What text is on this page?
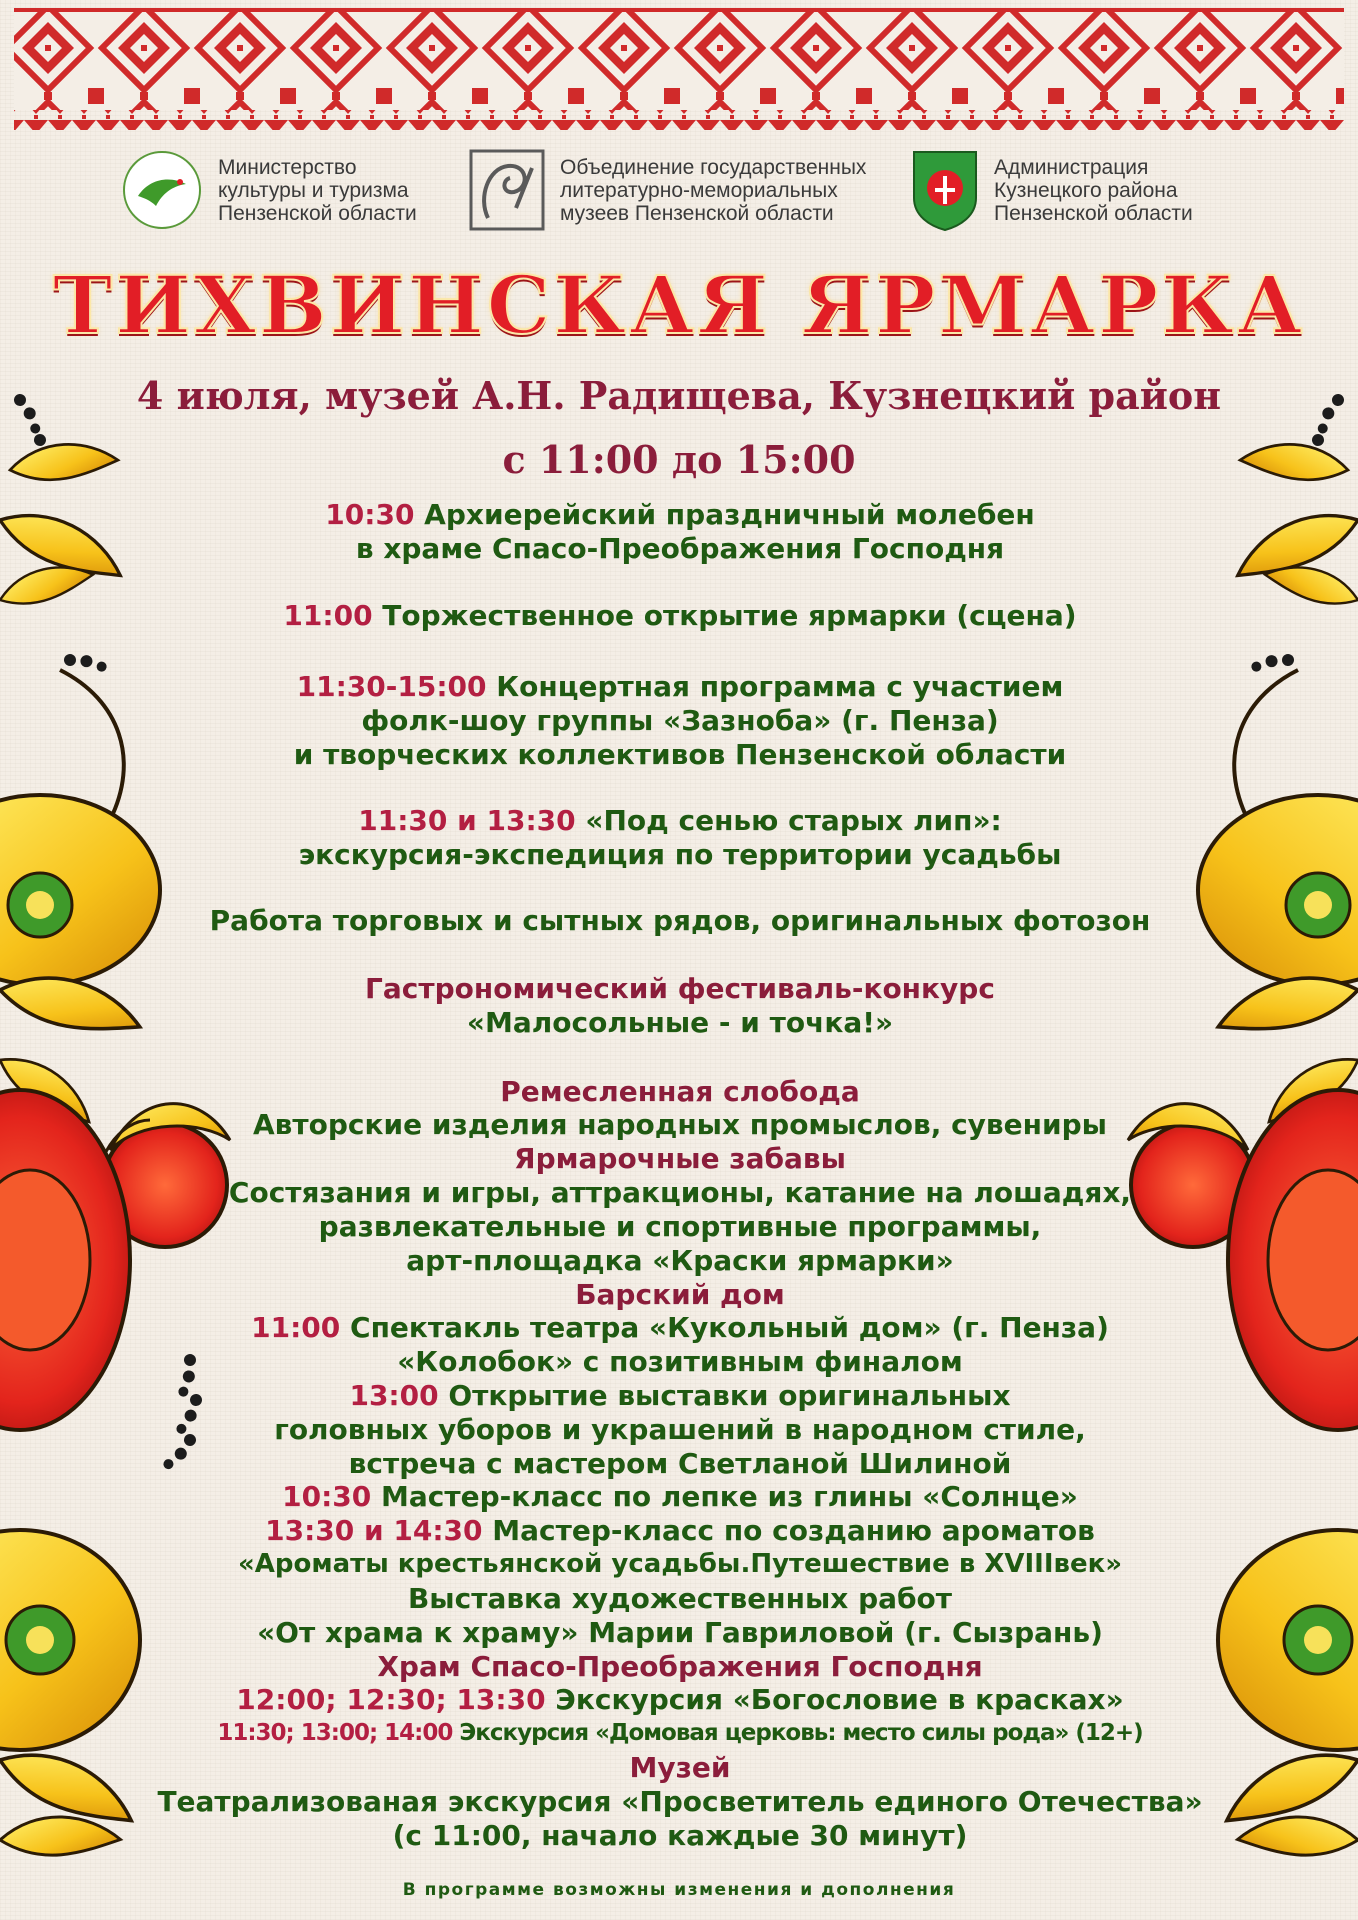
Министерство
культуры и туризма
Пензенской области
Объединение государственных
литературно-мемориальных
музеев Пензенской области
Администрация
Кузнецкого района
Пензенской области
ТИХВИНСКАЯ ЯРМАРКА
4 июля, музей А.Н. Радищева, Кузнецкий район
с 11:00 до 15:00
10:30 Архиерейский праздничный молебен
в храме Спасо-Преображения Господня
11:00 Торжественное открытие ярмарки (сцена)
11:30-15:00 Концертная программа с участием
фолк-шоу группы «Зазноба» (г. Пенза)
и творческих коллективов Пензенской области
11:30 и 13:30 «Под сенью старых лип»:
экскурсия-экспедиция по территории усадьбы
Работа торговых и сытных рядов, оригинальных фотозон
Гастрономический фестиваль-конкурс
«Малосольные - и точка!»
Ремесленная слобода
Авторские изделия народных промыслов, сувениры
Ярмарочные забавы
Состязания и игры, аттракционы, катание на лошадях,
развлекательные и спортивные программы,
арт-площадка «Краски ярмарки»
Барский дом
11:00 Спектакль театра «Кукольный дом» (г. Пенза)
«Колобок» с позитивным финалом
13:00 Открытие выставки оригинальных
головных уборов и украшений в народном стиле,
встреча с мастером Светланой Шилиной
10:30 Мастер-класс по лепке из глины «Солнце»
13:30 и 14:30 Мастер-класс по созданию ароматов
«Ароматы крестьянской усадьбы.Путешествие в XVIIIвек»
Выставка художественных работ
«От храма к храму» Марии Гавриловой (г. Сызрань)
Храм Спасо-Преображения Господня
12:00; 12:30; 13:30 Экскурсия «Богословие в красках»
11:30; 13:00; 14:00 Экскурсия «Домовая церковь: место силы рода» (12+)
Музей
Театрализованая экскурсия «Просветитель единого Отечества»
(с 11:00, начало каждые 30 минут)
В программе возможны изменения и дополнения
